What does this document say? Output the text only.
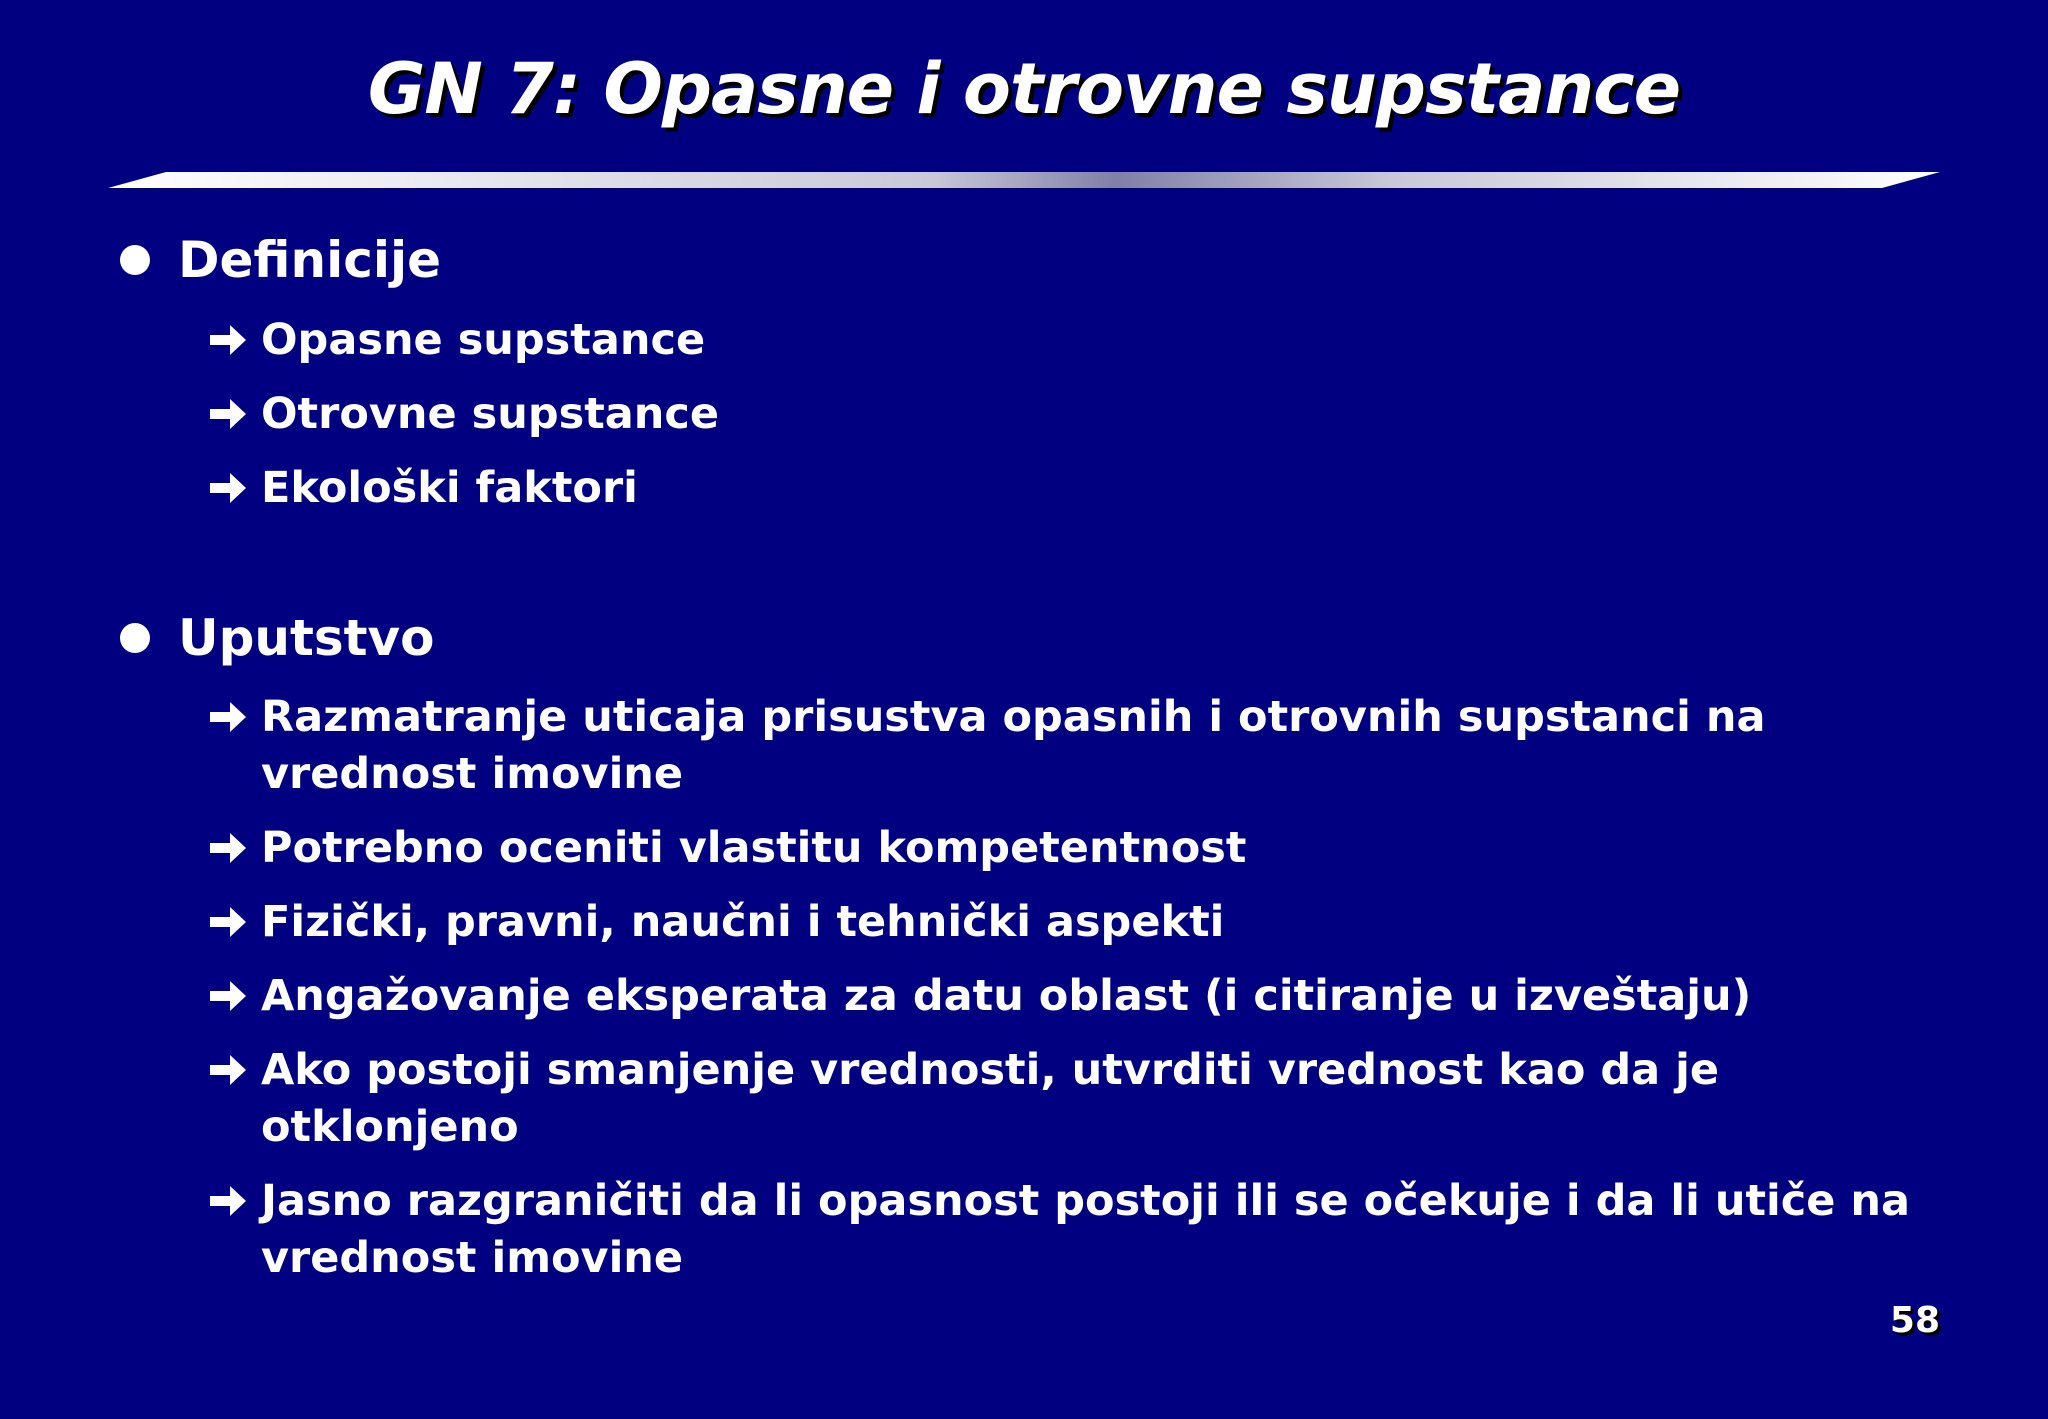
GN 7: Opasne i otrovne supstance
Definicije
Opasne supstance
Otrovne supstance
Ekološki faktori
Uputstvo
Razmatranje uticaja prisustva opasnih i otrovnih supstanci na vrednost imovine
Potrebno oceniti vlastitu kompetentnost
Fizički, pravni, naučni i tehnički aspekti
Angažovanje eksperata za datu oblast (i citiranje u izveštaju)
Ako postoji smanjenje vrednosti, utvrditi vrednost kao da je otklonjeno
Jasno razgraničiti da li opasnost postoji ili se očekuje i da li utiče na vrednost imovine
58
